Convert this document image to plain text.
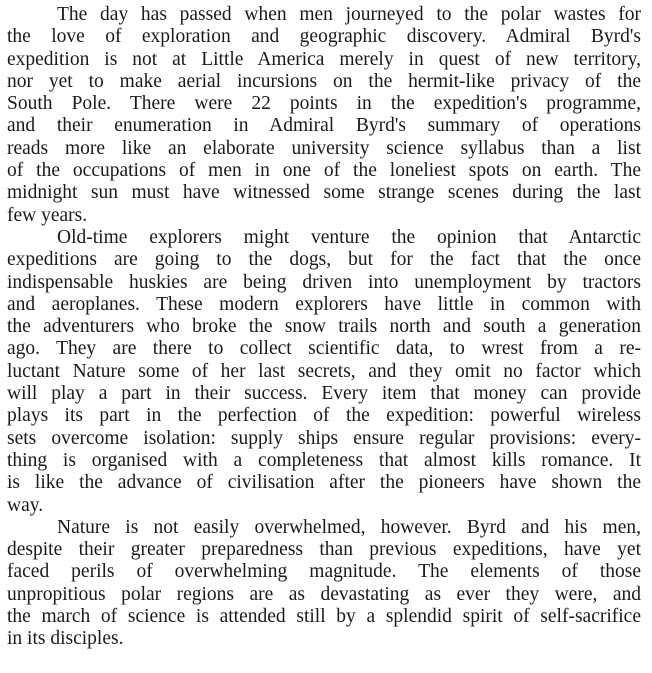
The day has passed when men journeyed to the polar wastes for
the love of exploration and geographic discovery. Admiral Byrd's
expedition is not at Little America merely in quest of new territory,
nor yet to make aerial incursions on the hermit-like privacy of the
South Pole. There were 22 points in the expedition's programme,
and their enumeration in Admiral Byrd's summary of operations
reads more like an elaborate university science syllabus than a list
of the occupations of men in one of the loneliest spots on earth. The
midnight sun must have witnessed some strange scenes during the last
few years.
Old-time explorers might venture the opinion that Antarctic
expeditions are going to the dogs, but for the fact that the once
indispensable huskies are being driven into unemployment by tractors
and aeroplanes. These modern explorers have little in common with
the adventurers who broke the snow trails north and south a generation
ago. They are there to collect scientific data, to wrest from a re-
luctant Nature some of her last secrets, and they omit no factor which
will play a part in their success. Every item that money can provide
plays its part in the perfection of the expedition: powerful wireless
sets overcome isolation: supply ships ensure regular provisions: every-
thing is organised with a completeness that almost kills romance. It
is like the advance of civilisation after the pioneers have shown the
way.
Nature is not easily overwhelmed, however. Byrd and his men,
despite their greater preparedness than previous expeditions, have yet
faced perils of overwhelming magnitude. The elements of those
unpropitious polar regions are as devastating as ever they were, and
the march of science is attended still by a splendid spirit of self-sacrifice
in its disciples.
